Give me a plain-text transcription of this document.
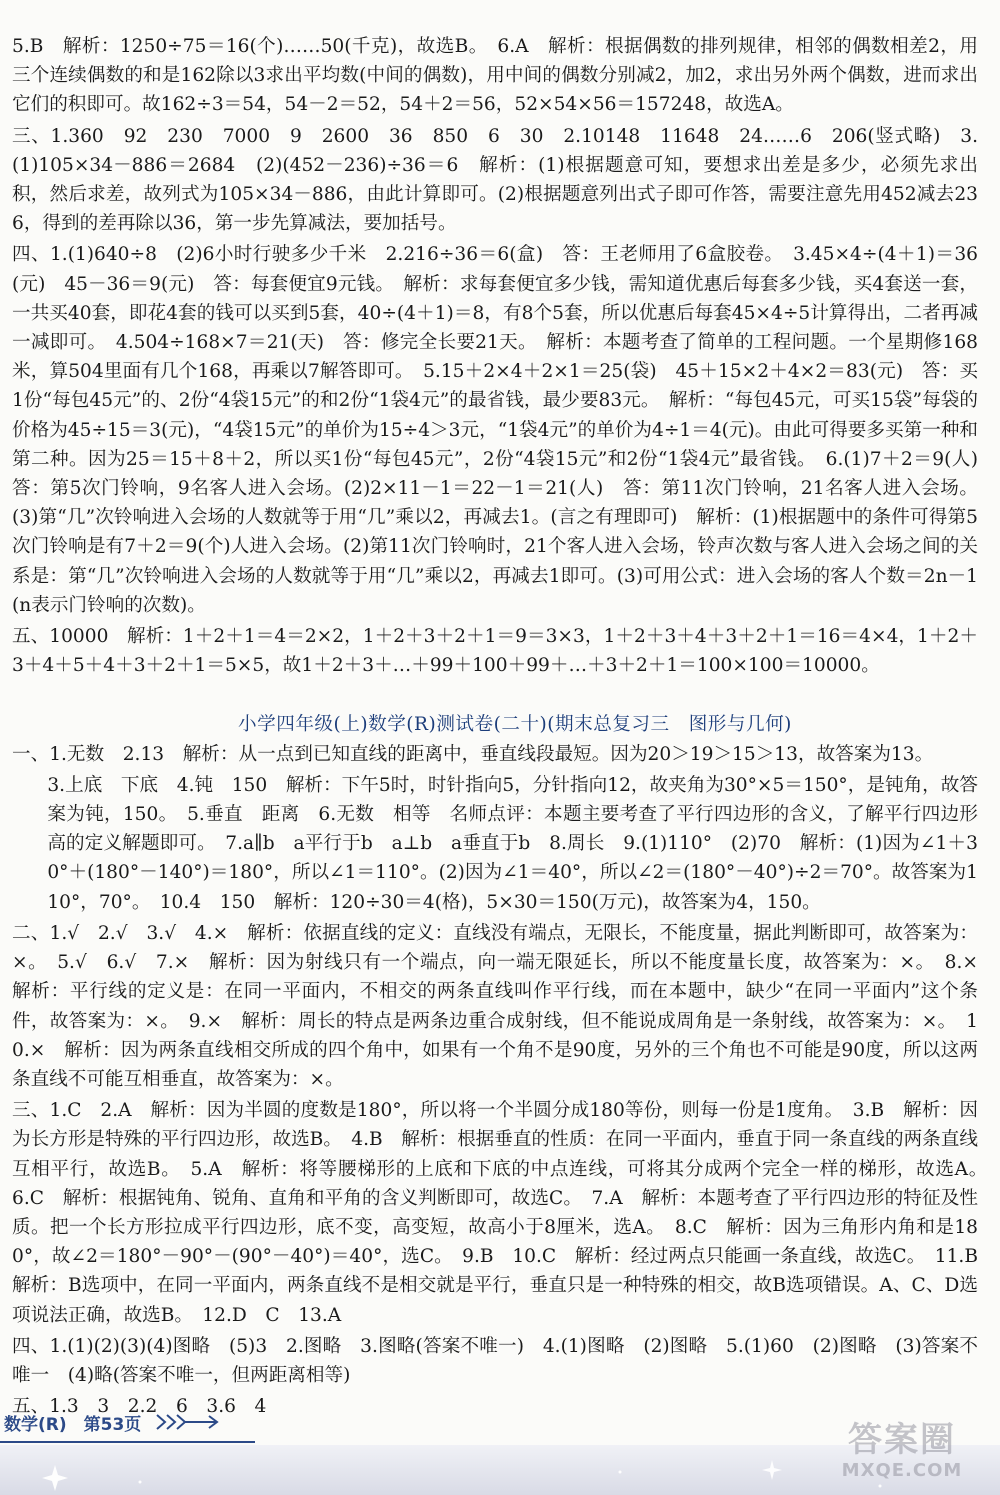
5.B　解析：1250÷75＝16(个)……50(千克)，故选B。　6.A　解析：根据偶数的排列规律，相邻的偶数相差2，用三个连续偶数的和是162除以3求出平均数(中间的偶数)，用中间的偶数分别减2，加2，求出另外两个偶数，进而求出它们的积即可。故162÷3＝54，54－2＝52，54＋2＝56，52×54×56＝157248，故选A。

三、1.360　92　230　7000　9　2600　36　850　6　30　2.10148　11648　24……6　206(竖式略)　3.(1)105×34－886＝2684　(2)(452－236)÷36＝6　解析：(1)根据题意可知，要想求出差是多少，必须先求出积，然后求差，故列式为105×34－886，由此计算即可。(2)根据题意列出式子即可作答，需要注意先用452减去236，得到的差再除以36，第一步先算减法，要加括号。

四、1.(1)640÷8　(2)6小时行驶多少千米　2.216÷36＝6(盒)　答：王老师用了6盒胶卷。　3.45×4÷(4＋1)＝36(元)　45－36＝9(元)　答：每套便宜9元钱。　解析：求每套便宜多少钱，需知道优惠后每套多少钱，买4套送一套，一共买40套，即花4套的钱可以买到5套，40÷(4＋1)＝8，有8个5套，所以优惠后每套45×4÷5计算得出，二者再减一减即可。　4.504÷168×7＝21(天)　答：修完全长要21天。　解析：本题考查了简单的工程问题。一个星期修168米，算504里面有几个168，再乘以7解答即可。　5.15＋2×4＋2×1＝25(袋)　45＋15×2＋4×2＝83(元)　答：买1份“每包45元”的、2份“4袋15元”的和2份“1袋4元”的最省钱，最少要83元。　解析：“每包45元，可买15袋”每袋的价格为45÷15＝3(元)，“4袋15元”的单价为15÷4＞3元，“1袋4元”的单价为4÷1＝4(元)。由此可得要多买第一种和第二种。因为25＝15＋8＋2，所以买1份“每包45元”，2份“4袋15元”和2份“1袋4元”最省钱。　6.(1)7＋2＝9(人)　答：第5次门铃响，9名客人进入会场。(2)2×11－1＝22－1＝21(人)　答：第11次门铃响，21名客人进入会场。(3)第“几”次铃响进入会场的人数就等于用“几”乘以2，再减去1。(言之有理即可)　解析：(1)根据题中的条件可得第5次门铃响是有7＋2＝9(个)人进入会场。(2)第11次门铃响时，21个客人进入会场，铃声次数与客人进入会场之间的关系是：第“几”次铃响进入会场的人数就等于用“几”乘以2，再减去1即可。(3)可用公式：进入会场的客人个数＝2n－1(n表示门铃响的次数)。

五、10000　解析：1＋2＋1＝4＝2×2，1＋2＋3＋2＋1＝9＝3×3，1＋2＋3＋4＋3＋2＋1＝16＝4×4，1＋2＋3＋4＋5＋4＋3＋2＋1＝5×5，故1＋2＋3＋…＋99＋100＋99＋…＋3＋2＋1＝100×100＝10000。

小学四年级(上)数学(R)测试卷(二十)(期末总复习三　图形与几何)

一、1.无数　2.13　解析：从一点到已知直线的距离中，垂直线段最短。因为20＞19＞15＞13，故答案为13。

3.上底　下底　4.钝　150　解析：下午5时，时针指向5，分针指向12，故夹角为30°×5＝150°，是钝角，故答案为钝，150。　5.垂直　距离　6.无数　相等　名师点评：本题主要考查了平行四边形的含义，了解平行四边形高的定义解题即可。　7.a∥b　a平行于b　a⊥b　a垂直于b　8.周长　9.(1)110°　(2)70　解析：(1)因为∠1＋30°＋(180°－140°)＝180°，所以∠1＝110°。(2)因为∠1＝40°，所以∠2＝(180°－40°)÷2＝70°。故答案为110°，70°。　10.4　150　解析：120÷30＝4(格)，5×30＝150(万元)，故答案为4，150。

二、1.√　2.√　3.√　4.×　解析：依据直线的定义：直线没有端点，无限长，不能度量，据此判断即可，故答案为：×。　5.√　6.√　7.×　解析：因为射线只有一个端点，向一端无限延长，所以不能度量长度，故答案为：×。　8.×　解析：平行线的定义是：在同一平面内，不相交的两条直线叫作平行线，而在本题中，缺少“在同一平面内”这个条件，故答案为：×。　9.×　解析：周长的特点是两条边重合成射线，但不能说成周角是一条射线，故答案为：×。　10.×　解析：因为两条直线相交所成的四个角中，如果有一个角不是90度，另外的三个角也不可能是90度，所以这两条直线不可能互相垂直，故答案为：×。

三、1.C　2.A　解析：因为半圆的度数是180°，所以将一个半圆分成180等份，则每一份是1度角。　3.B　解析：因为长方形是特殊的平行四边形，故选B。　4.B　解析：根据垂直的性质：在同一平面内，垂直于同一条直线的两条直线互相平行，故选B。　5.A　解析：将等腰梯形的上底和下底的中点连线，可将其分成两个完全一样的梯形，故选A。　6.C　解析：根据钝角、锐角、直角和平角的含义判断即可，故选C。　7.A　解析：本题考查了平行四边形的特征及性质。把一个长方形拉成平行四边形，底不变，高变短，故高小于8厘米，选A。　8.C　解析：因为三角形内角和是180°，故∠2＝180°－90°－(90°－40°)＝40°，选C。　9.B　10.C　解析：经过两点只能画一条直线，故选C。　11.B　解析：B选项中，在同一平面内，两条直线不是相交就是平行，垂直只是一种特殊的相交，故B选项错误。A、C、D选项说法正确，故选B。　12.D　C　13.A

四、1.(1)(2)(3)(4)图略　(5)3　2.图略　3.图略(答案不唯一)　4.(1)图略　(2)图略　5.(1)60　(2)图略　(3)答案不唯一　(4)略(答案不唯一，但两距离相等)

五、1.3　3　2.2　6　3.6　4

数学(R)　第53页	答案圈
MXQE.COM
